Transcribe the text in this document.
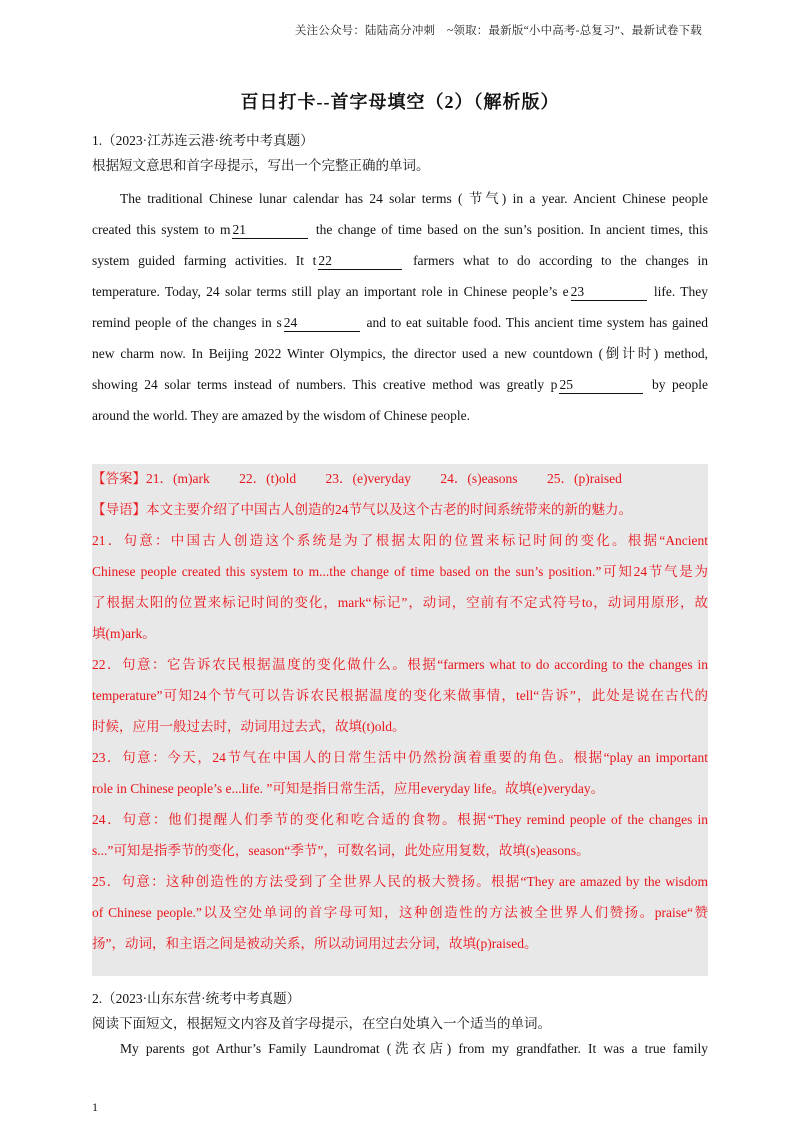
关注公众号：陆陆高分冲刺　~领取：最新版“小中高考-总复习”、最新试卷下载
百日打卡--首字母填空（2）（解析版）
1.（2023·江苏连云港·统考中考真题）
根据短文意思和首字母提示，写出一个完整正确的单词。
The traditional Chinese lunar calendar has 24 solar terms ( 节气) in a year. Ancient Chinese people
created this system to m 21	the change of time based on the sun’s position. In ancient times, this
system guided farming activities. It t 22	farmers what to do according to the changes in
temperature. Today, 24 solar terms still play an important role in Chinese people’s e 23	life. They
remind people of the changes in s 24	and to eat suitable food. This ancient time system has gained
new charm now. In Beijing 2022 Winter Olympics, the director used a new countdown (倒计时) method,
showing 24 solar terms instead of numbers. This creative method was greatly p 25	by people
around the world. They are amazed by the wisdom of Chinese people.
【答案】21．(m)ark 22．(t)old 23．(e)veryday 24．(s)easons 25．(p)raised
【导语】本文主要介绍了中国古人创造的24节气以及这个古老的时间系统带来的新的魅力。
21．句意：中国古人创造这个系统是为了根据太阳的位置来标记时间的变化。根据“Ancient
Chinese people created this system to m...the change of time based on the sun’s position.”可知24节气是为
了根据太阳的位置来标记时间的变化，mark“标记”，动词，空前有不定式符号to，动词用原形，故
填(m)ark。
22．句意：它告诉农民根据温度的变化做什么。根据“farmers what to do according to the changes in
temperature”可知24个节气可以告诉农民根据温度的变化来做事情，tell“告诉”，此处是说在古代的
时候，应用一般过去时，动词用过去式，故填(t)old。
23．句意：今天，24节气在中国人的日常生活中仍然扮演着重要的角色。根据“play an important
role in Chinese people’s e...life. ”可知是指日常生活，应用everyday life。故填(e)veryday。
24．句意：他们提醒人们季节的变化和吃合适的食物。根据“They remind people of the changes in
s...”可知是指季节的变化，season“季节”，可数名词，此处应用复数，故填(s)easons。
25．句意：这种创造性的方法受到了全世界人民的极大赞扬。根据“They are amazed by the wisdom
of Chinese people.”以及空处单词的首字母可知，这种创造性的方法被全世界人们赞扬。praise“赞
扬”，动词，和主语之间是被动关系，所以动词用过去分词，故填(p)raised。
2.（2023·山东东营·统考中考真题）
阅读下面短文，根据短文内容及首字母提示，在空白处填入一个适当的单词。
My parents got Arthur’s Family Laundromat (洗衣店) from my grandfather. It was a true family
1
